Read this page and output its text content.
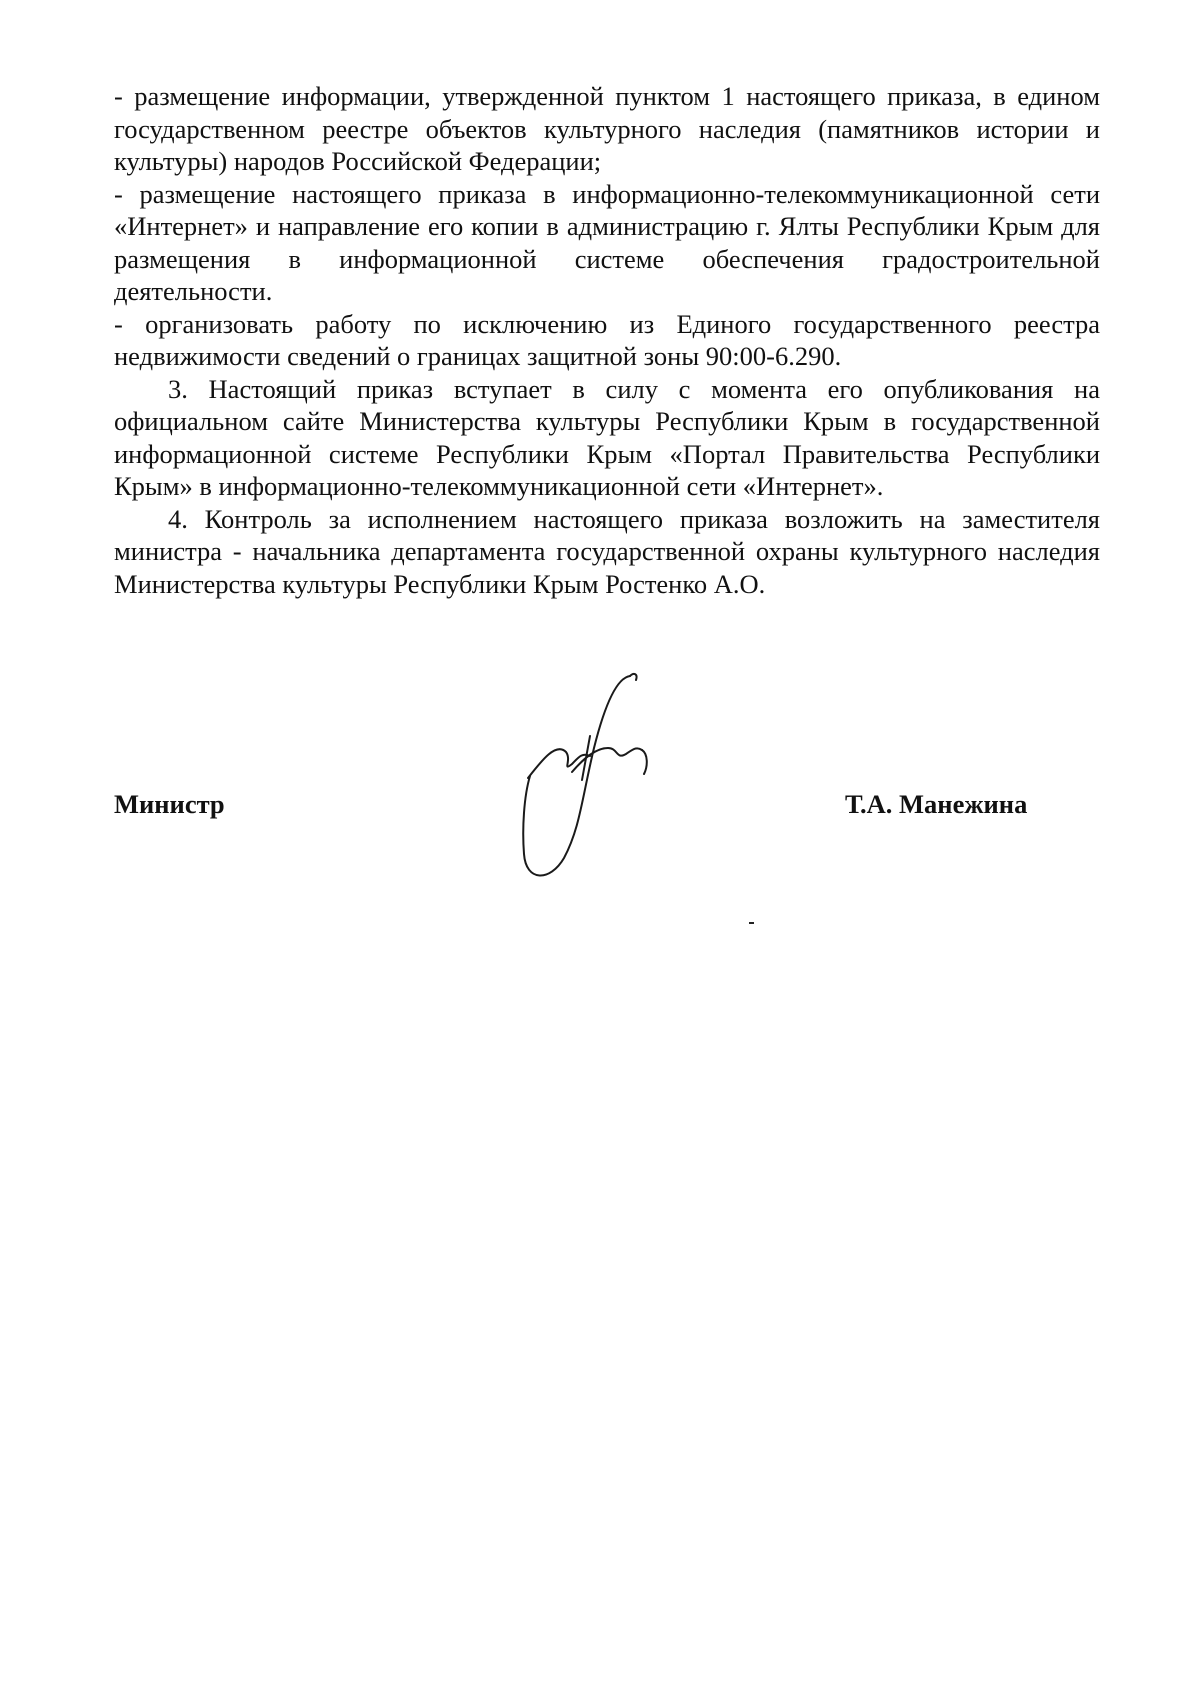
- размещение информации, утвержденной пунктом 1 настоящего приказа, в едином государственном реестре объектов культурного наследия (памятников истории и культуры) народов Российской Федерации;

- размещение настоящего приказа в информационно-телекоммуникационной сети «Интернет» и направление его копии в администрацию г. Ялты Республики Крым для размещения в информационной системе обеспечения градостроительной деятельности.

- организовать работу по исключению из Единого государственного реестра недвижимости сведений о границах защитной зоны 90:00-6.290.

3. Настоящий приказ вступает в силу с момента его опубликования на официальном сайте Министерства культуры Республики Крым в государственной информационной системе Республики Крым «Портал Правительства Республики Крым» в информационно-телекоммуникационной сети «Интернет».

4. Контроль за исполнением настоящего приказа возложить на заместителя министра - начальника департамента государственной охраны культурного наследия Министерства культуры Республики Крым Ростенко А.О.

Министр	Т.А. Манежина
